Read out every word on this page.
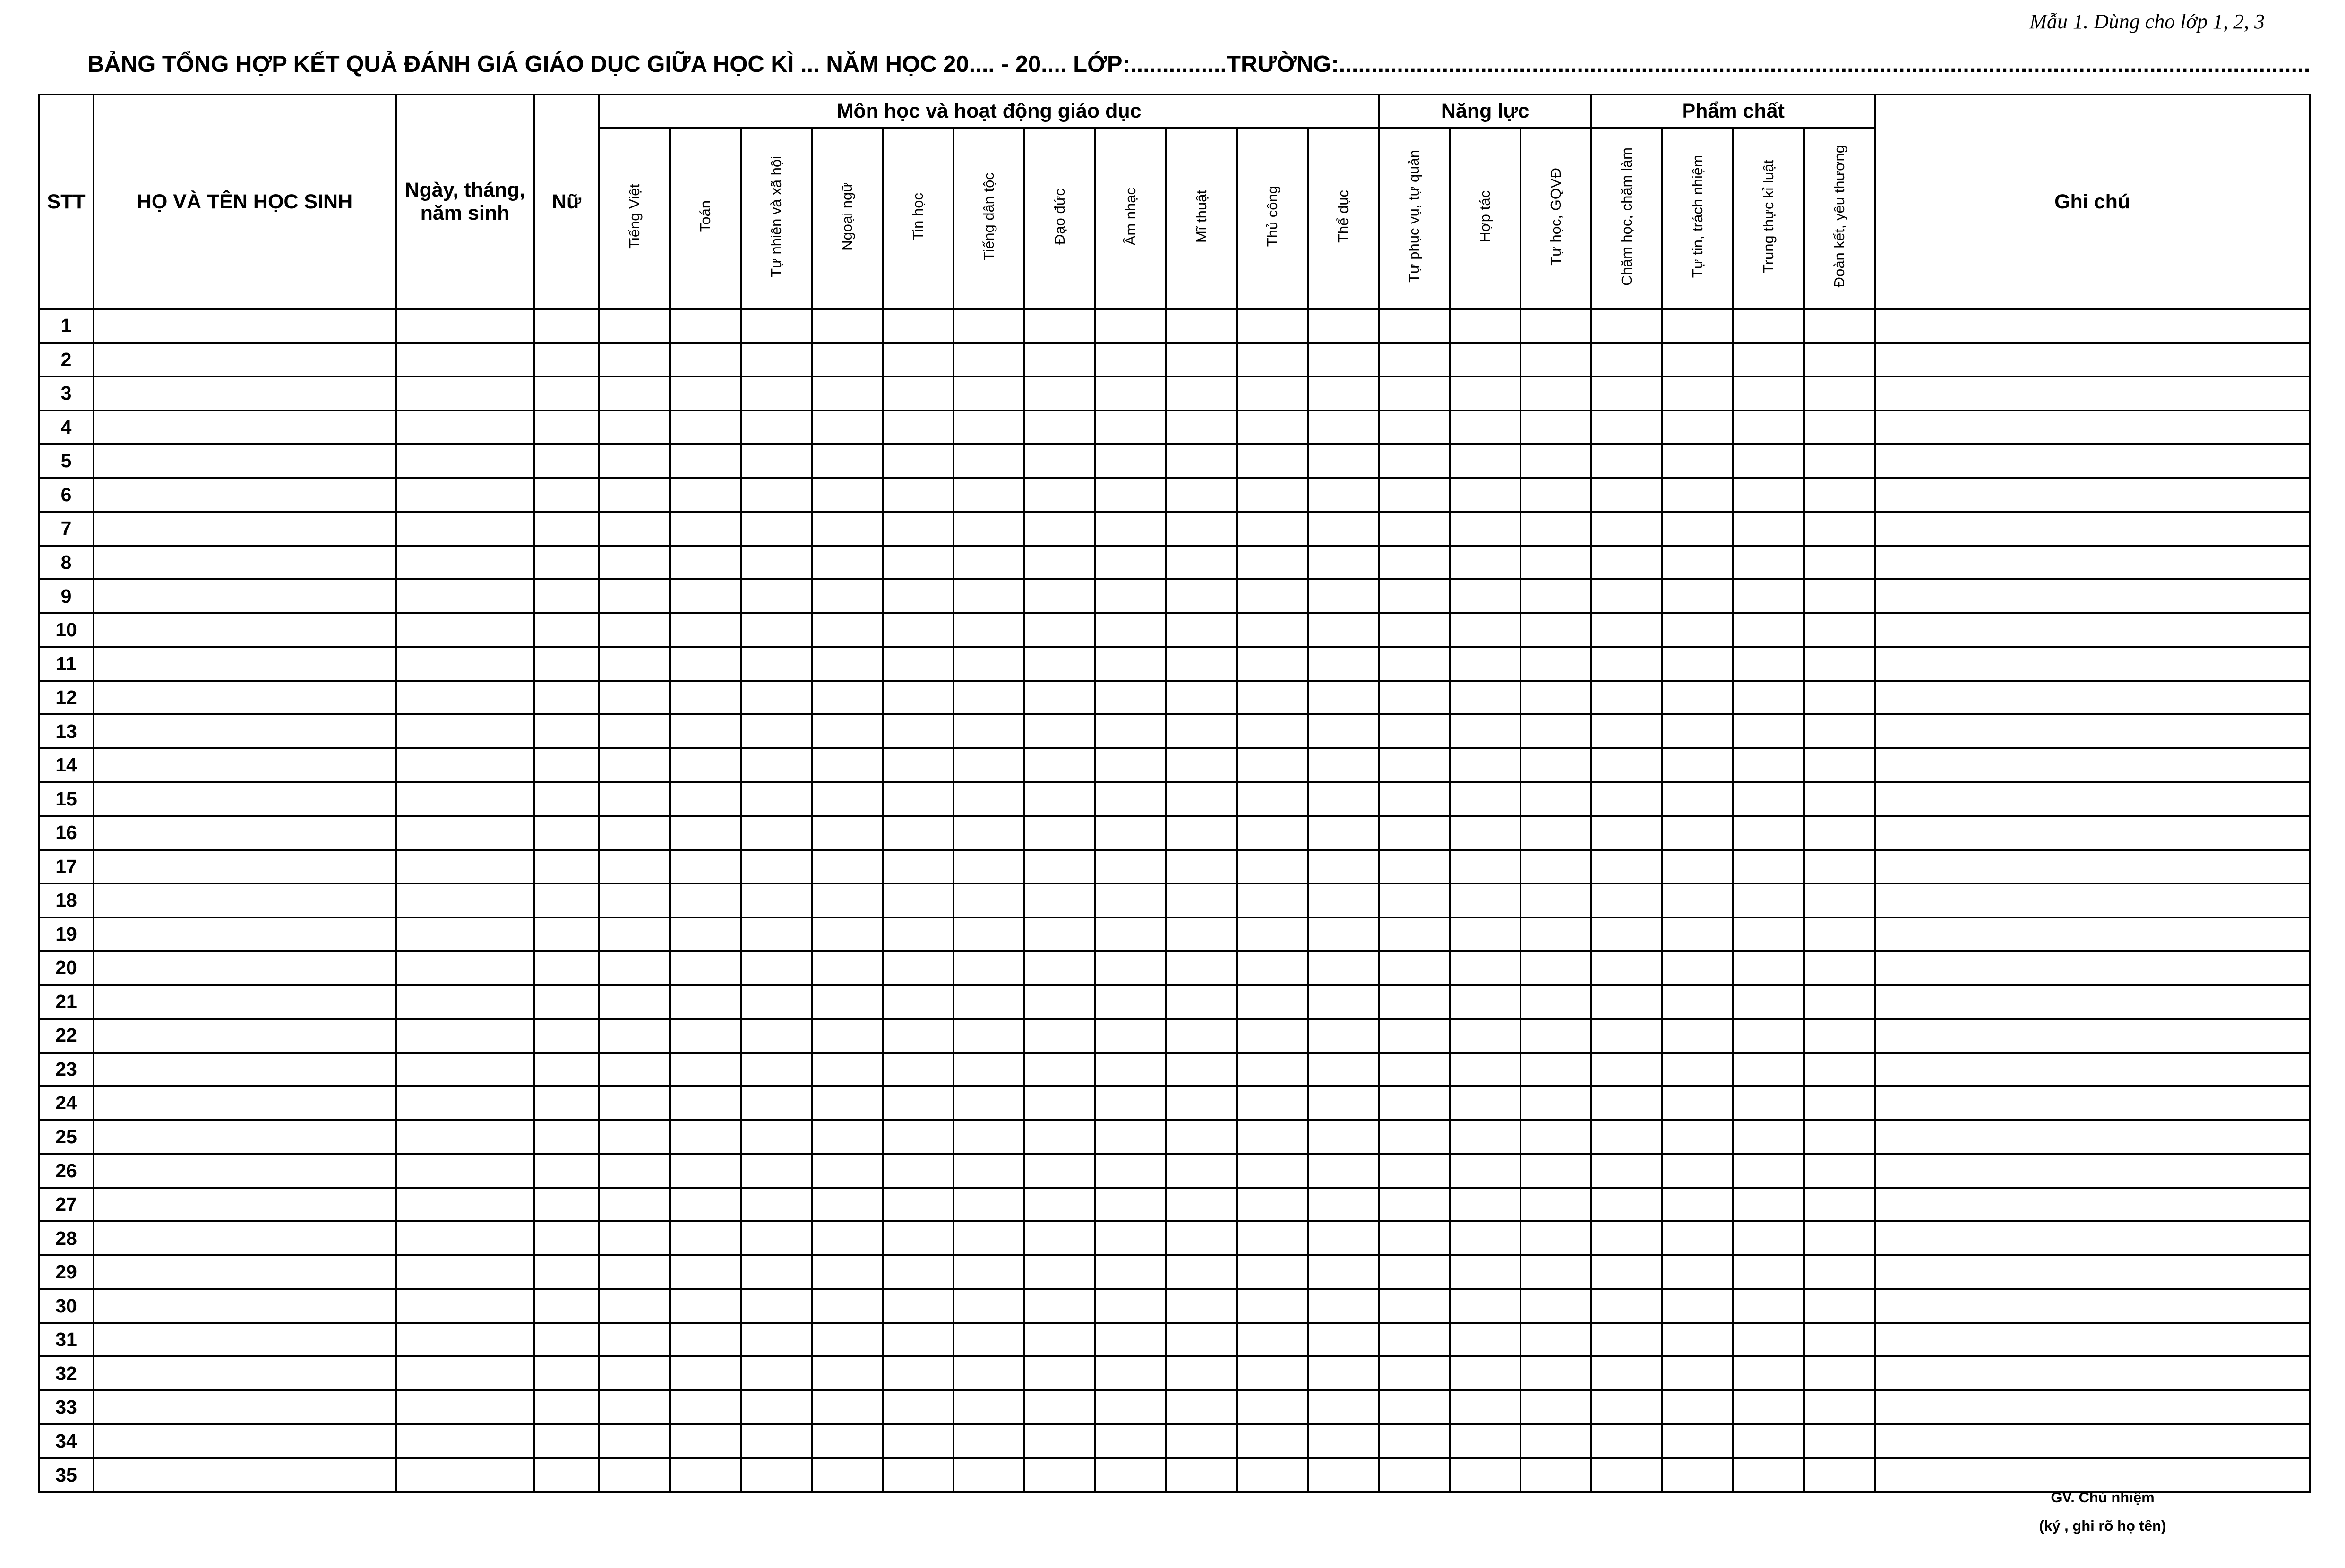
Mẫu 1. Dùng cho lớp 1, 2, 3
BẢNG TỔNG HỢP KẾT QUẢ ĐÁNH GIÁ GIÁO DỤC GIỮA HỌC KÌ ... NĂM HỌC 20.... - 20.... LỚP:...............TRƯỜNG:.......................................................................................................................................................
STT	HỌ VÀ TÊN HỌC SINH	Ngày, tháng, năm sinh	Nữ	Môn học và hoạt động giáo dục											Năng lực			Phẩm chất				Ghi chú
				Tiếng Việt	Toán	Tự nhiên và xã hội	Ngoại ngữ	Tin học	Tiếng dân tộc	Đạo đức	Âm nhạc	Mĩ thuật	Thủ công	Thể dục	Tự phục vụ, tự quản	Hợp tác	Tự học, GQVĐ	Chăm học, chăm làm	Tự tin, trách nhiệm	Trung thực kỉ luật	Đoàn kết, yêu thương	
1																						
2																						
3																						
4																						
5																						
6																						
7																						
8																						
9																						
10																						
11																						
12																						
13																						
14																						
15																						
16																						
17																						
18																						
19																						
20																						
21																						
22																						
23																						
24																						
25																						
26																						
27																						
28																						
29																						
30																						
31																						
32																						
33																						
34																						
35																						
GV. Chủ nhiệm
(ký , ghi rõ họ tên)
